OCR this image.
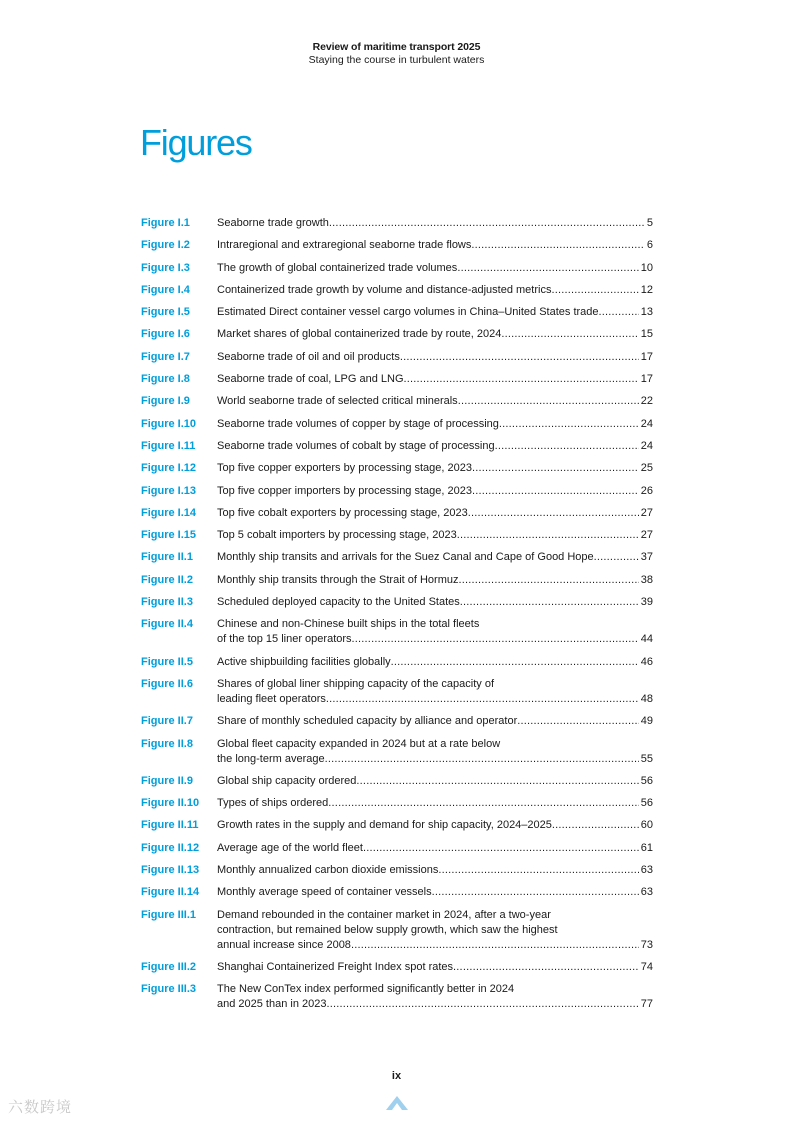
Review of maritime transport 2025
Staying the course in turbulent waters
Figures
Figure I.1	Seaborne trade growth .....	5
Figure I.2	Intraregional and extraregional seaborne trade flows .....	6
Figure I.3	The growth of global containerized trade volumes .....	10
Figure I.4	Containerized trade growth by volume and distance-adjusted metrics .....	12
Figure I.5	Estimated Direct container vessel cargo volumes in China–United States trade .....	13
Figure I.6	Market shares of global containerized trade by route, 2024 .....	15
Figure I.7	Seaborne trade of oil and oil products .....	17
Figure I.8	Seaborne trade of coal, LPG and LNG .....	17
Figure I.9	World seaborne trade of selected critical minerals .....	22
Figure I.10	Seaborne trade volumes of copper by stage of processing .....	24
Figure I.11	Seaborne trade volumes of cobalt by stage of processing .....	24
Figure I.12	Top five copper exporters by processing stage, 2023 .....	25
Figure I.13	Top five copper importers by processing stage, 2023 .....	26
Figure I.14	Top five cobalt exporters by processing stage, 2023 .....	27
Figure I.15	Top 5 cobalt importers by processing stage, 2023 .....	27
Figure II.1	Monthly ship transits and arrivals for the Suez Canal and Cape of Good Hope .....	37
Figure II.2	Monthly ship transits through the Strait of Hormuz .....	38
Figure II.3	Scheduled deployed capacity to the United States .....	39
Figure II.4	Chinese and non-Chinese built ships in the total fleets
of the top 15 liner operators .....	44
Figure II.5	Active shipbuilding facilities globally .....	46
Figure II.6	Shares of global liner shipping capacity of the capacity of
leading fleet operators .....	48
Figure II.7	Share of monthly scheduled capacity by alliance and operator .....	49
Figure II.8	Global fleet capacity expanded in 2024 but at a rate below
the long-term average .....	55
Figure II.9	Global ship capacity ordered .....	56
Figure II.10	Types of ships ordered .....	56
Figure II.11	Growth rates in the supply and demand for ship capacity, 2024–2025 .....	60
Figure II.12	Average age of the world fleet .....	61
Figure II.13	Monthly annualized carbon dioxide emissions .....	63
Figure II.14	Monthly average speed of container vessels .....	63
Figure III.1	Demand rebounded in the container market in 2024, after a two-year
contraction, but remained below supply growth, which saw the highest
annual increase since 2008 .....	73
Figure III.2	Shanghai Containerized Freight Index spot rates .....	74
Figure III.3	The New ConTex index performed significantly better in 2024
and 2025 than in 2023 .....	77
ix
六数跨境
